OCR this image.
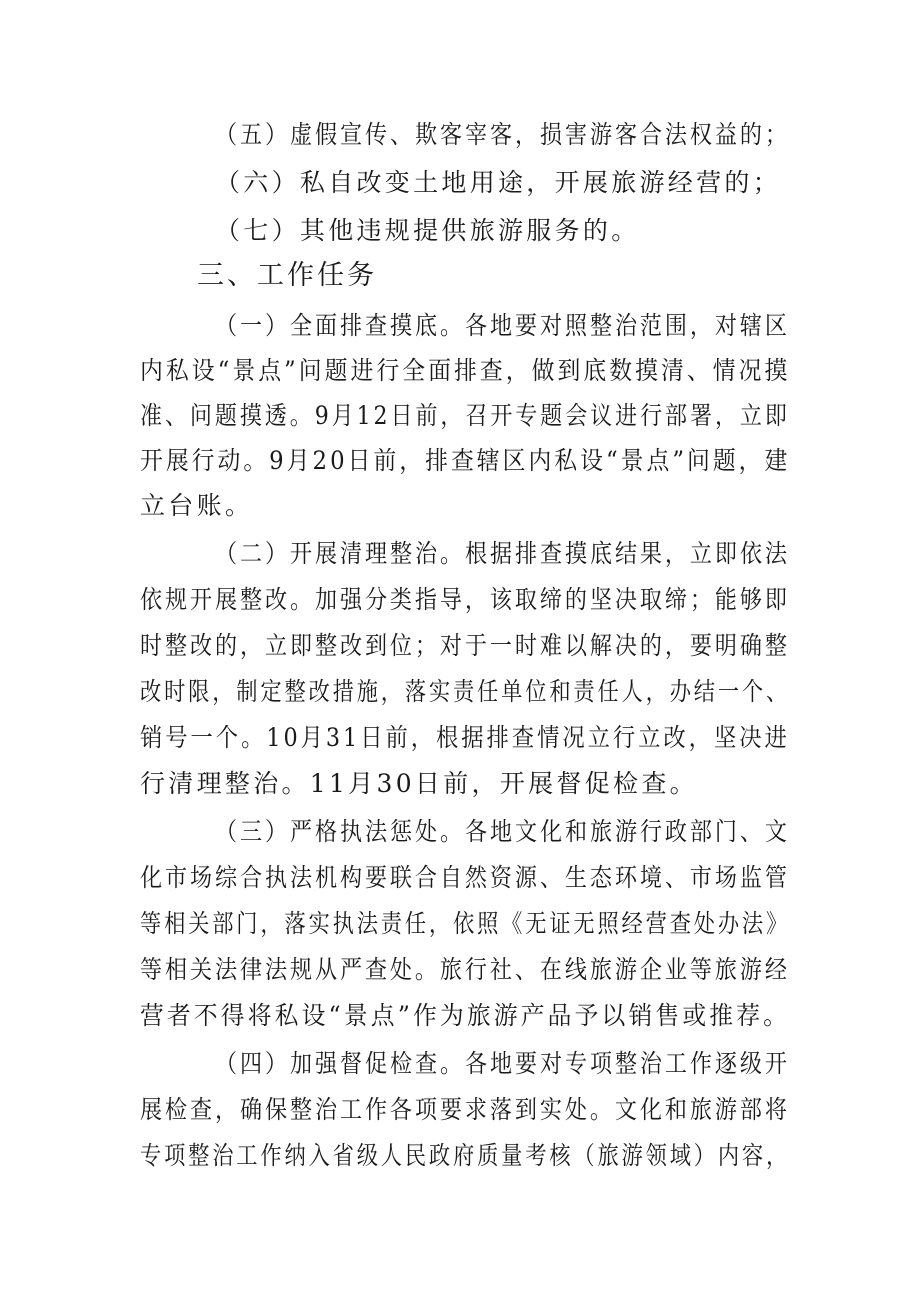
（五）虚假宣传、欺客宰客，损害游客合法权益的；
（六）私自改变土地用途，开展旅游经营的；
（七）其他违规提供旅游服务的。
三、工作任务
（一）全面排查摸底。各地要对照整治范围，对辖区
内私设“景点”问题进行全面排查，做到底数摸清、情况摸
准、问题摸透。9月12日前，召开专题会议进行部署，立即
开展行动。9月20日前，排查辖区内私设“景点”问题，建
立台账。
（二）开展清理整治。根据排查摸底结果，立即依法
依规开展整改。加强分类指导，该取缔的坚决取缔；能够即
时整改的，立即整改到位；对于一时难以解决的，要明确整
改时限，制定整改措施，落实责任单位和责任人，办结一个、
销号一个。10月31日前，根据排查情况立行立改，坚决进
行清理整治。11月30日前，开展督促检查。
（三）严格执法惩处。各地文化和旅游行政部门、文
化市场综合执法机构要联合自然资源、生态环境、市场监管
等相关部门，落实执法责任，依照《无证无照经营查处办法》
等相关法律法规从严查处。旅行社、在线旅游企业等旅游经
营者不得将私设“景点”作为旅游产品予以销售或推荐。
（四）加强督促检查。各地要对专项整治工作逐级开
展检查，确保整治工作各项要求落到实处。文化和旅游部将
专项整治工作纳入省级人民政府质量考核（旅游领域）内容，
